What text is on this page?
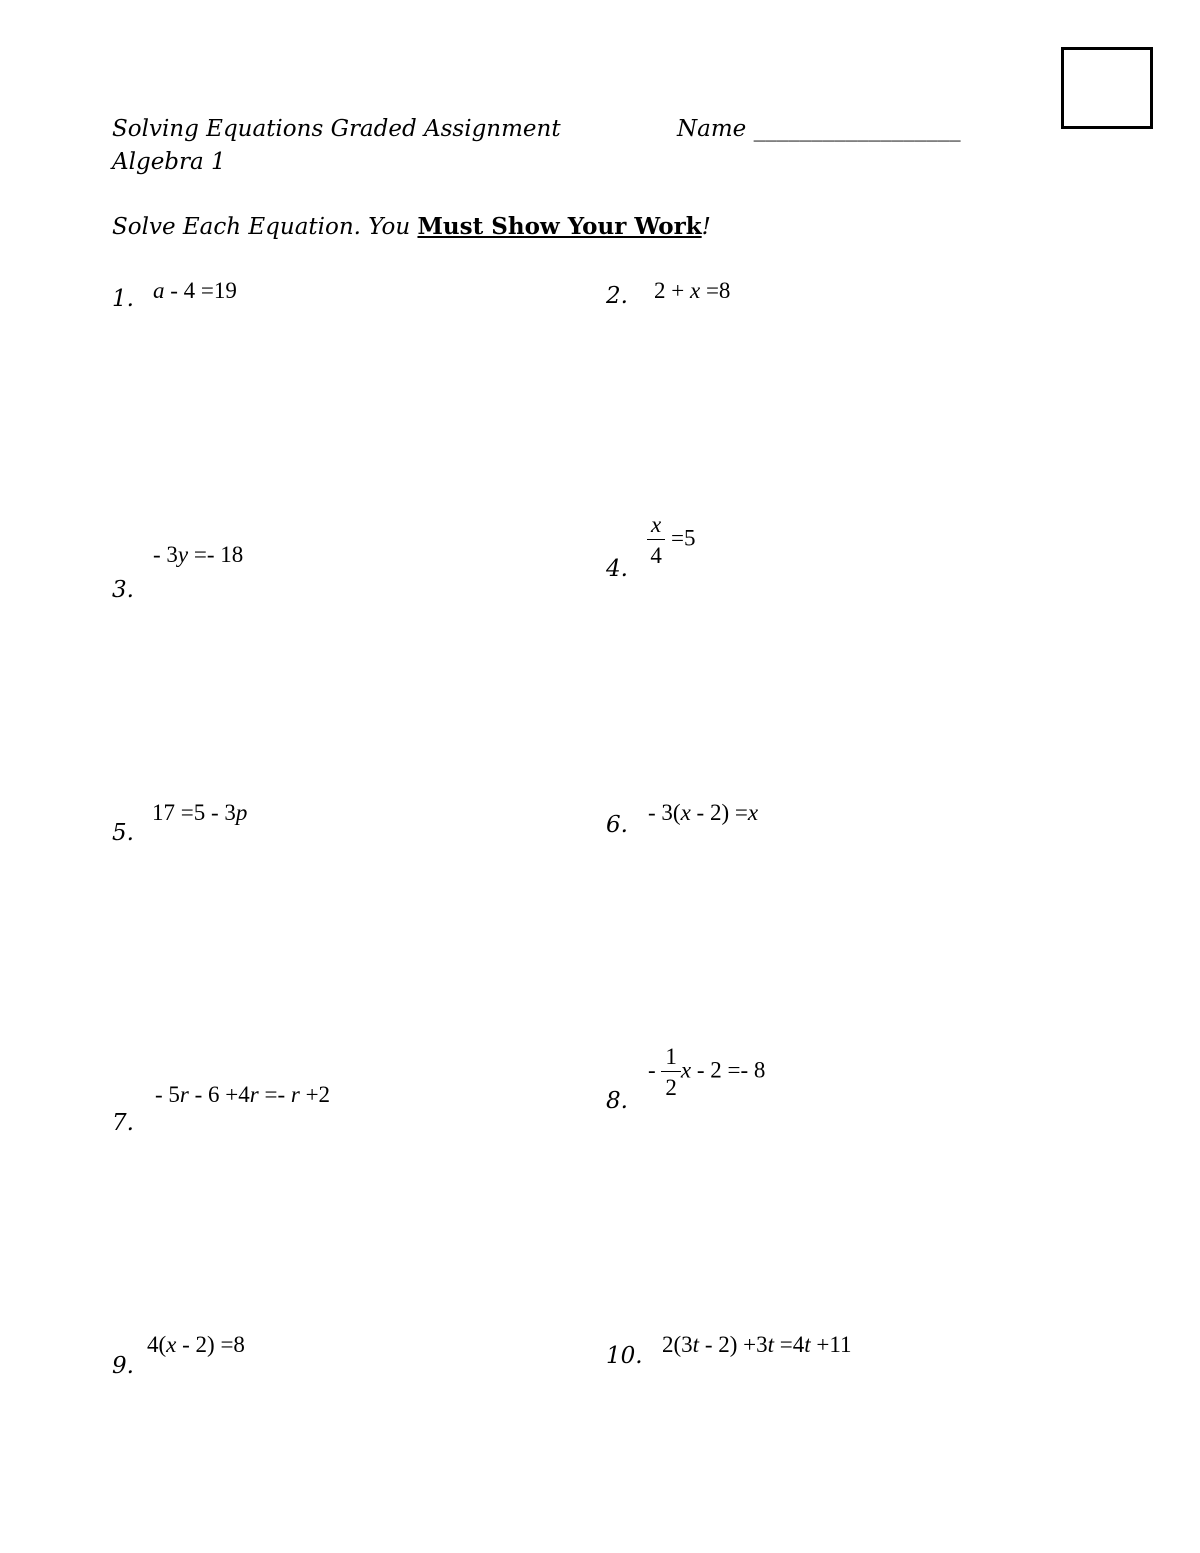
Solving Equations Graded Assignment	Name __________________
Algebra 1
Solve Each Equation. You Must Show Your Work!
1. a - 4 =19	2. 2 + x =8
3.
- 3y =- 18
4.
$\frac{x}{4} =5$
5.
17 =5 - 3p	6. - 3(x - 2) =x
7.
- 5r - 6 +4r =- r +2	8.
- $\frac{1}{2}$ x - 2 =- 8
9.
4(x - 2) =8	10. 2(3t - 2) +3t =4t +11
